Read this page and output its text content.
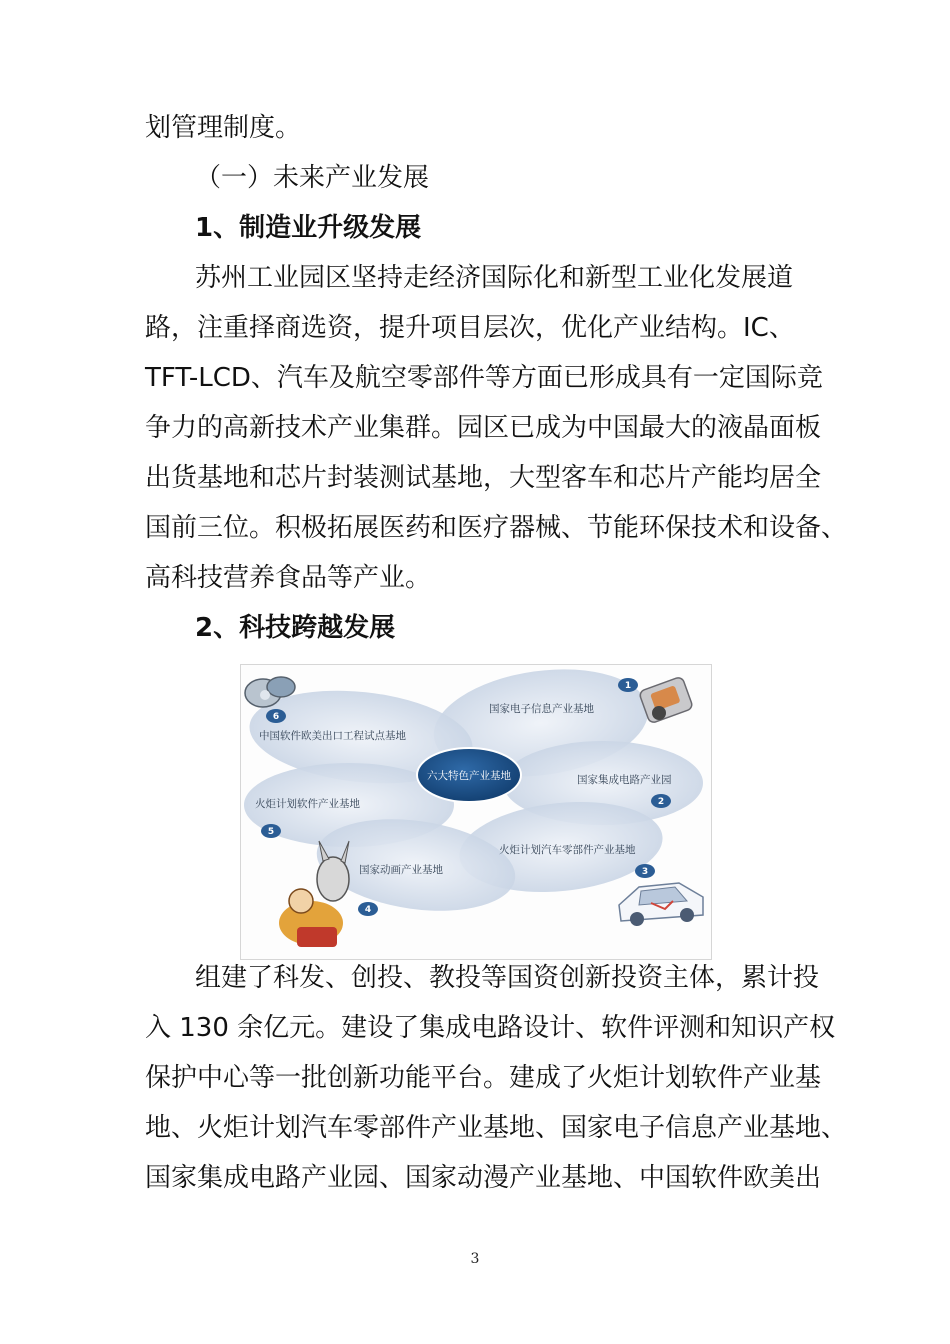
划管理制度。
（一）未来产业发展
1、制造业升级发展
苏州工业园区坚持走经济国际化和新型工业化发展道
路，注重择商选资，提升项目层次，优化产业结构。IC、
TFT-LCD、汽车及航空零部件等方面已形成具有一定国际竞
争力的高新技术产业集群。园区已成为中国最大的液晶面板
出货基地和芯片封装测试基地，大型客车和芯片产能均居全
国前三位。积极拓展医药和医疗器械、节能环保技术和设备、
高科技营养食品等产业。
2、科技跨越发展
六大特色产业基地
国家电子信息产业基地
国家集成电路产业园
火炬计划汽车零部件产业基地
国家动画产业基地
火炬计划软件产业基地
中国软件欧美出口工程试点基地
1
2
3
4
5
6
组建了科发、创投、教投等国资创新投资主体，累计投
入 130 余亿元。建设了集成电路设计、软件评测和知识产权
保护中心等一批创新功能平台。建成了火炬计划软件产业基
地、火炬计划汽车零部件产业基地、国家电子信息产业基地、
国家集成电路产业园、国家动漫产业基地、中国软件欧美出
3
